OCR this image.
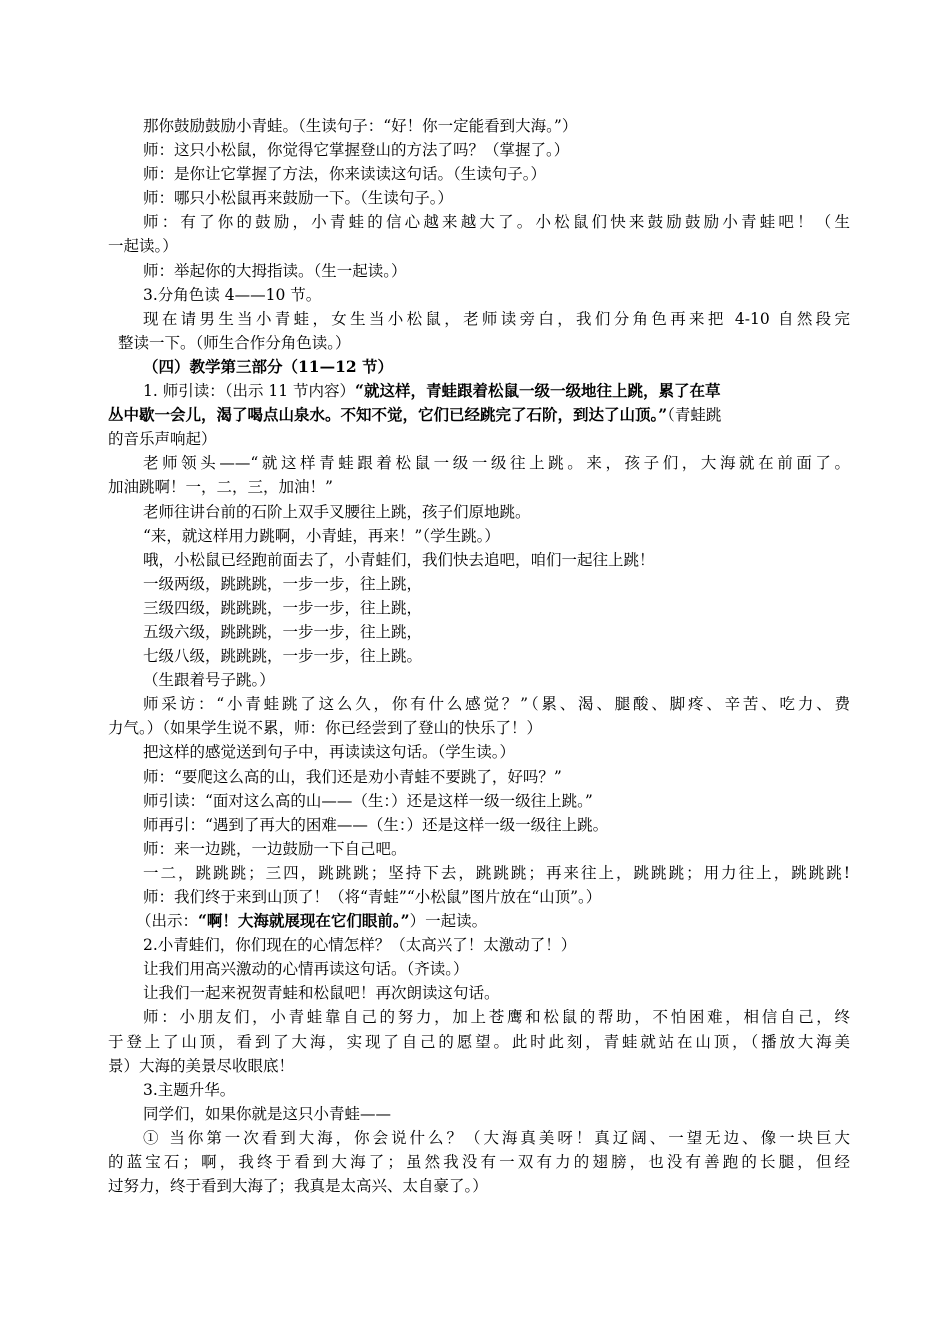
那你鼓励鼓励小青蛙。（生读句子：“好！你一定能看到大海。”）
师：这只小松鼠，你觉得它掌握登山的方法了吗？（掌握了。）
师：是你让它掌握了方法，你来读读这句话。（生读句子。）
师：哪只小松鼠再来鼓励一下。（生读句子。）
师：有了你的鼓励，小青蛙的信心越来越大了。小松鼠们快来鼓励鼓励小青蛙吧！（生
一起读。）
师：举起你的大拇指读。（生一起读。）
3.分角色读 4——10 节。
现在请男生当小青蛙，女生当小松鼠，老师读旁白，我们分角色再来把 4-10 自然段完
整读一下。（师生合作分角色读。）
（四）教学第三部分（11—12 节）
1. 师引读：（出示 11 节内容）“就这样，青蛙跟着松鼠一级一级地往上跳，累了在草
丛中歇一会儿，渴了喝点山泉水。不知不觉，它们已经跳完了石阶，到达了山顶。”（青蛙跳
的音乐声响起）
老师领头——“就这样青蛙跟着松鼠一级一级往上跳。来，孩子们，大海就在前面了。
加油跳啊！一，二，三，加油！”
老师往讲台前的石阶上双手叉腰往上跳，孩子们原地跳。
“来，就这样用力跳啊，小青蛙，再来！”（学生跳。）
哦，小松鼠已经跑前面去了，小青蛙们，我们快去追吧，咱们一起往上跳！
一级两级，跳跳跳，一步一步，往上跳，
三级四级，跳跳跳，一步一步，往上跳，
五级六级，跳跳跳，一步一步，往上跳，
七级八级，跳跳跳，一步一步，往上跳。
（生跟着号子跳。）
师采访：“小青蛙跳了这么久，你有什么感觉？”（累、渴、腿酸、脚疼、辛苦、吃力、费
力气。）（如果学生说不累，师：你已经尝到了登山的快乐了！）
把这样的感觉送到句子中，再读读这句话。（学生读。）
师：“要爬这么高的山，我们还是劝小青蛙不要跳了，好吗？”
师引读：“面对这么高的山——（生：）还是这样一级一级往上跳。”
师再引：“遇到了再大的困难——（生：）还是这样一级一级往上跳。
师：来一边跳，一边鼓励一下自己吧。
一二，跳跳跳；三四，跳跳跳；坚持下去，跳跳跳；再来往上，跳跳跳；用力往上，跳跳跳!
师：我们终于来到山顶了！（将“青蛙”“小松鼠”图片放在“山顶”。）
（出示：“啊！大海就展现在它们眼前。”）一起读。
2.小青蛙们，你们现在的心情怎样？（太高兴了！太激动了！）
让我们用高兴激动的心情再读这句话。（齐读。）
让我们一起来祝贺青蛙和松鼠吧！再次朗读这句话。
师：小朋友们，小青蛙靠自己的努力，加上苍鹰和松鼠的帮助，不怕困难，相信自己，终
于登上了山顶，看到了大海，实现了自己的愿望。此时此刻，青蛙就站在山顶，（播放大海美
景）大海的美景尽收眼底！
3.主题升华。
同学们，如果你就是这只小青蛙——
① 当你第一次看到大海，你会说什么？（大海真美呀！真辽阔、一望无边、像一块巨大
的蓝宝石；啊，我终于看到大海了；虽然我没有一双有力的翅膀，也没有善跑的长腿，但经
过努力，终于看到大海了；我真是太高兴、太自豪了。）
